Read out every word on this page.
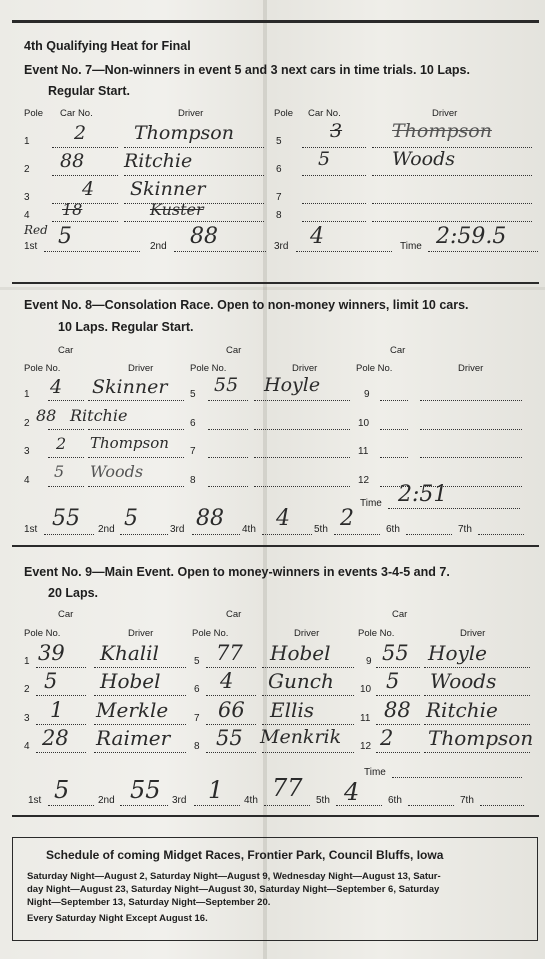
4th Qualifying Heat for Final
Event No. 7—Non-winners in event 5 and 3 next cars in time trials. 10 Laps.
Regular Start.
Pole Car No.	Driver	Pole Car No.	Driver
1 2	Thompson
2 88 Ritchie
3	4 Skinner
4 18	Kuster
5	3	Thompson
6 5	Woods
7
8
Red
1st 5	2nd 88	3rd 4	Time 2:59.5
Event No. 8—Consolation Race. Open to non-money winners, limit 10 cars.
10 Laps. Regular Start.
Car	Car	Car
Pole No.	Driver	Pole No.	Driver	Pole No.	Driver
1 4 Skinner 5 55 Hoyle	9
2 88 Ritchie	6	10
3 2 Thompson 7	11
4 5 Woods	8	12
Time 2:51
1st 55 2nd 5	3rd 88 4th 4 5th 2	6th	7th
Event No. 9—Main Event. Open to money-winners in events 3-4-5 and 7.
20 Laps.
Car	Car	Car
Pole No.	Driver	Pole No.	Driver	Pole No.	Driver
1 39 Khalil	5 77 Hobel	9 55 Hoyle
2 5 Hobel	6 4 Gunch	10 5 Woods
3 1 Merkle	7 66 Ellis	11 88 Ritchie
4 28 Raimer 8 55 Menkrik 12 2 Thompson
Time
1st 5	2nd 55 3rd 1 4th 77 5th 4	6th	7th
Schedule of coming Midget Races, Frontier Park, Council Bluffs, Iowa
Saturday Night—August 2, Saturday Night—August 9, Wednesday Night—August 13, Satur-
day Night—August 23, Saturday Night—August 30, Saturday Night—September 6, Saturday
Night—September 13, Saturday Night—September 20.
Every Saturday Night Except August 16.
